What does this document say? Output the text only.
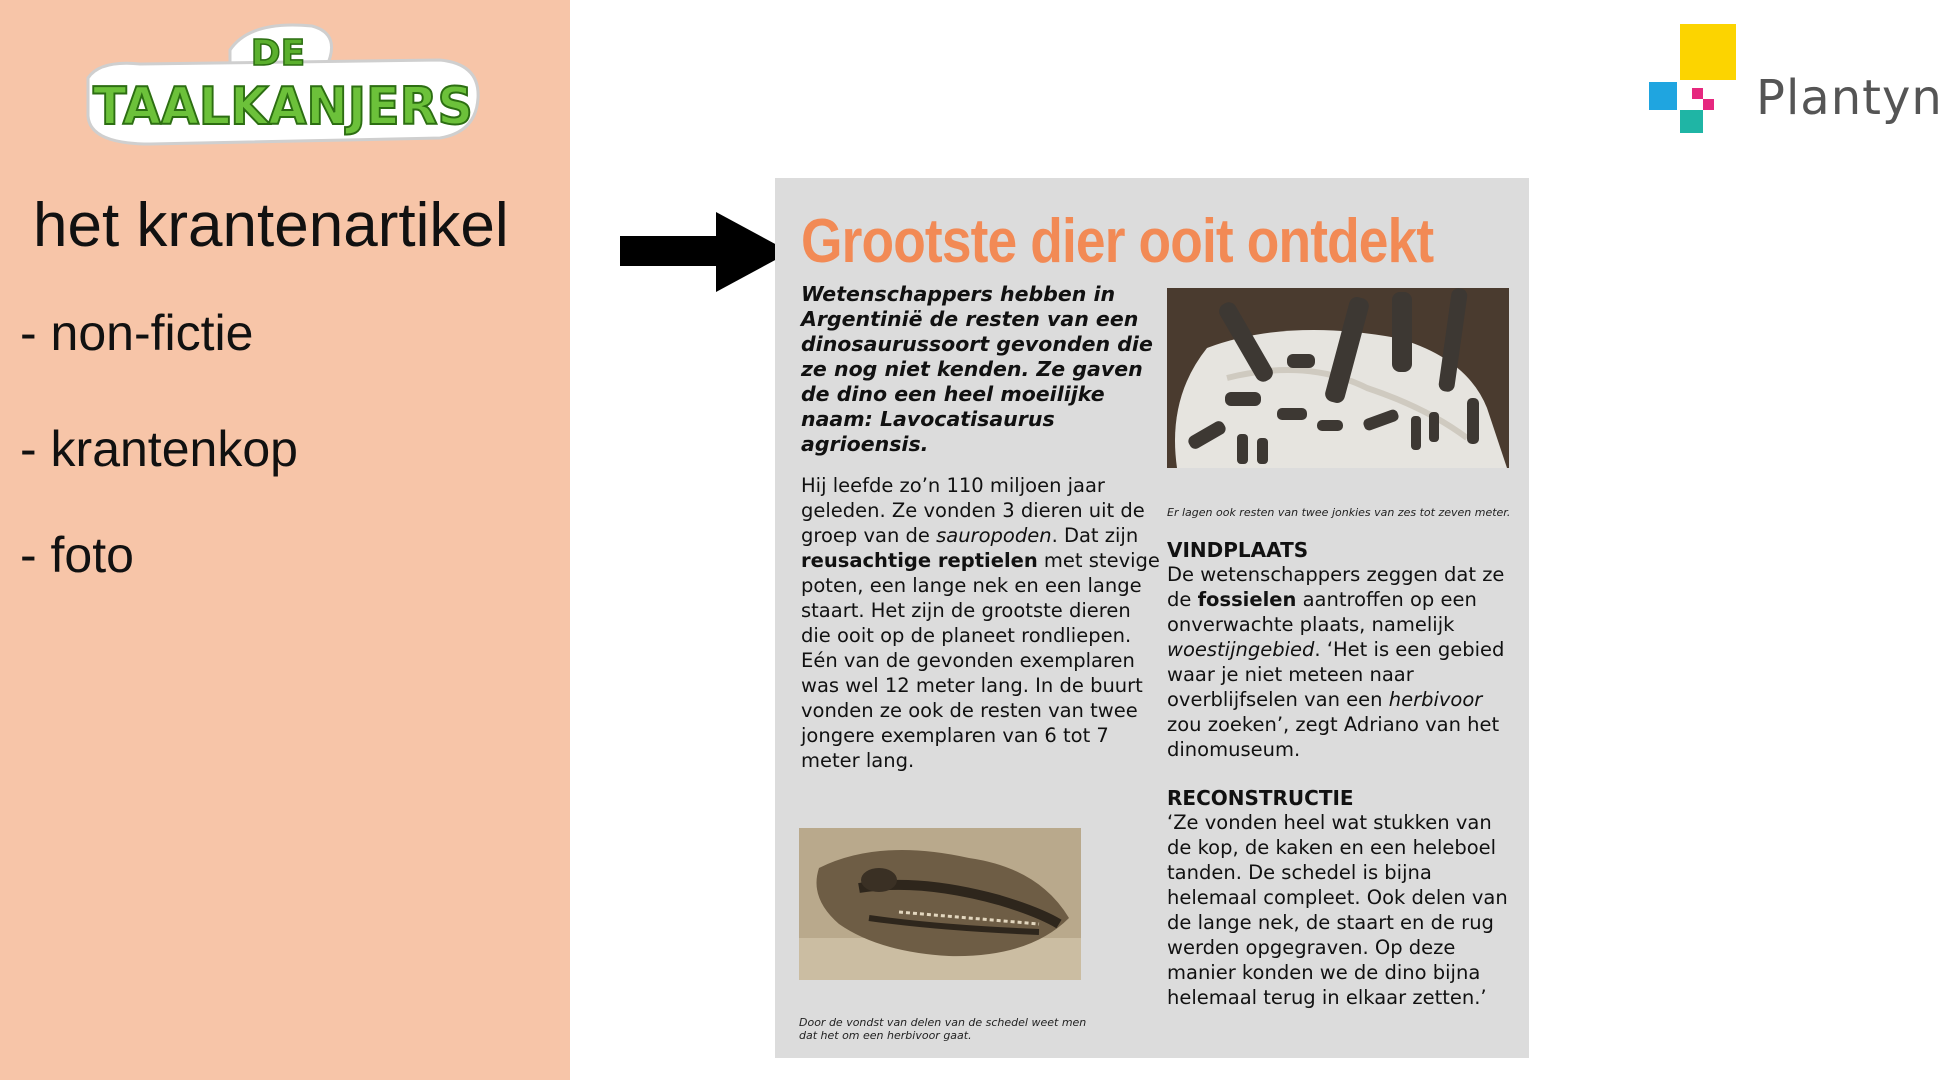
DE
TAALKANJERS
het krantenartikel
- non-fictie
- krantenkop
- foto
Plantyn
Grootste dier ooit ontdekt
Wetenschappers hebben in Argentinië de resten van een dinosaurussoort gevonden die ze nog niet kenden. Ze gaven de dino een heel moeilijke naam: Lavocatisaurus agrioensis.
Hij leefde zo’n 110 miljoen jaar geleden. Ze vonden 3 dieren uit de groep van de sauropoden. Dat zijn reusachtige reptielen met stevige poten, een lange nek en een lange staart. Het zijn de grootste dieren die ooit op de planeet rondliepen. Eén van de gevonden exemplaren was wel 12 meter lang. In de buurt vonden ze ook de resten van twee jongere exemplaren van 6 tot 7 meter lang.
Er lagen ook resten van twee jonkies van zes tot zeven meter.
VINDPLAATS
De wetenschappers zeggen dat ze de fossielen aantroffen op een onverwachte plaats, namelijk woestijngebied. ‘Het is een gebied waar je niet meteen naar overblijfselen van een herbivoor zou zoeken’, zegt Adriano van het dinomuseum.
RECONSTRUCTIE
‘Ze vonden heel wat stukken van de kop, de kaken en een heleboel tanden. De schedel is bijna helemaal compleet. Ook delen van de lange nek, de staart en de rug werden opgegraven. Op deze manier konden we de dino bijna helemaal terug in elkaar zetten.’
Door de vondst van delen van de schedel weet men dat het om een herbivoor gaat.
